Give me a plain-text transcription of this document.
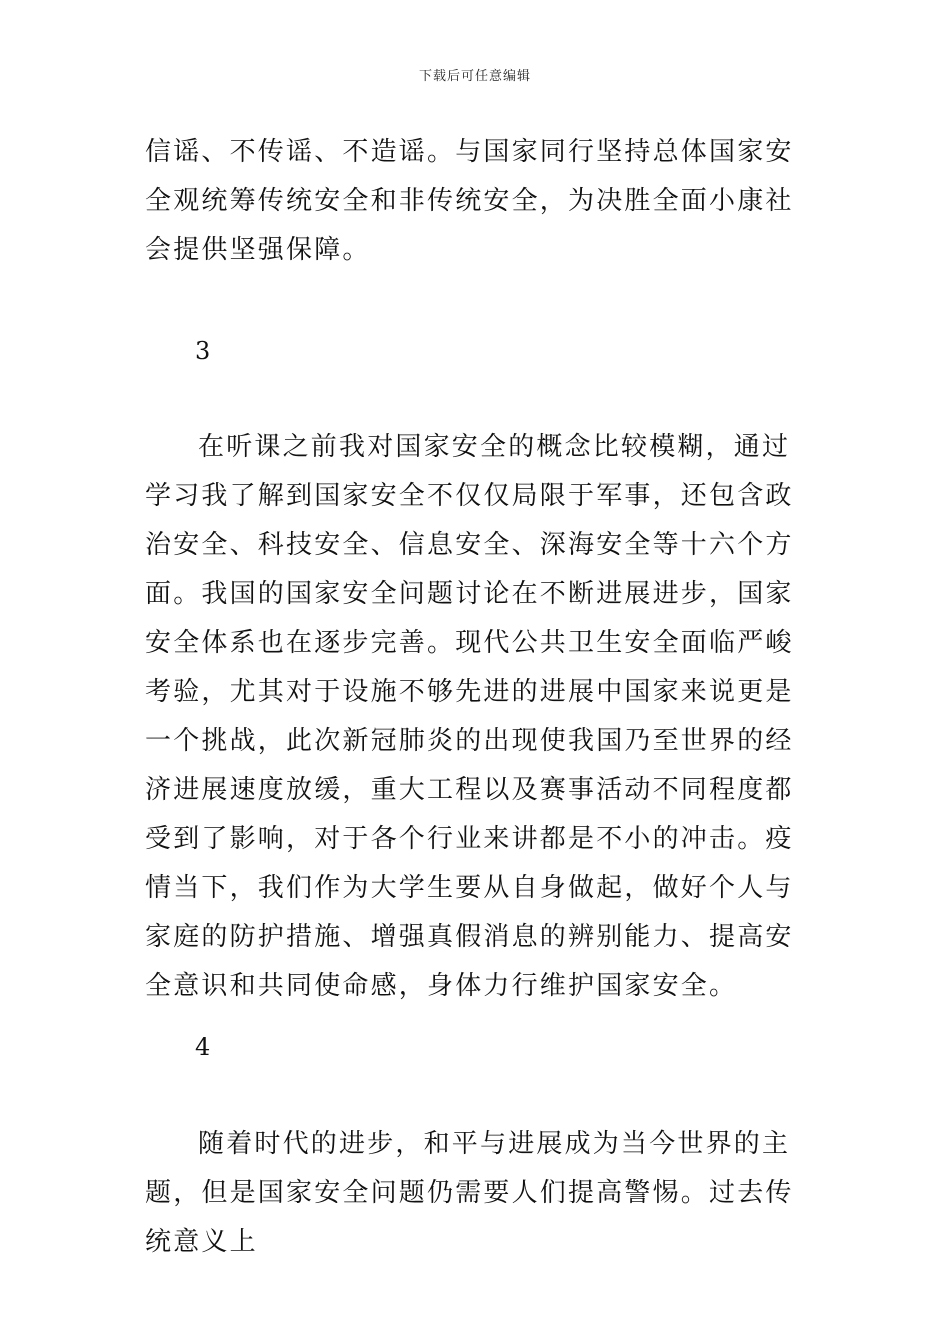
下载后可任意编辑

信谣、不传谣、不造谣。与国家同行坚持总体国家安全观统筹传统安全和非传统安全，为决胜全面小康社会提供坚强保障。

3

在听课之前我对国家安全的概念比较模糊，通过学习我了解到国家安全不仅仅局限于军事，还包含政治安全、科技安全、信息安全、深海安全等十六个方面。我国的国家安全问题讨论在不断进展进步，国家安全体系也在逐步完善。现代公共卫生安全面临严峻考验，尤其对于设施不够先进的进展中国家来说更是一个挑战，此次新冠肺炎的出现使我国乃至世界的经济进展速度放缓，重大工程以及赛事活动不同程度都受到了影响，对于各个行业来讲都是不小的冲击。疫情当下，我们作为大学生要从自身做起，做好个人与家庭的防护措施、增强真假消息的辨别能力、提高安全意识和共同使命感，身体力行维护国家安全。

4

随着时代的进步，和平与进展成为当今世界的主题，但是国家安全问题仍需要人们提高警惕。过去传统意义上
